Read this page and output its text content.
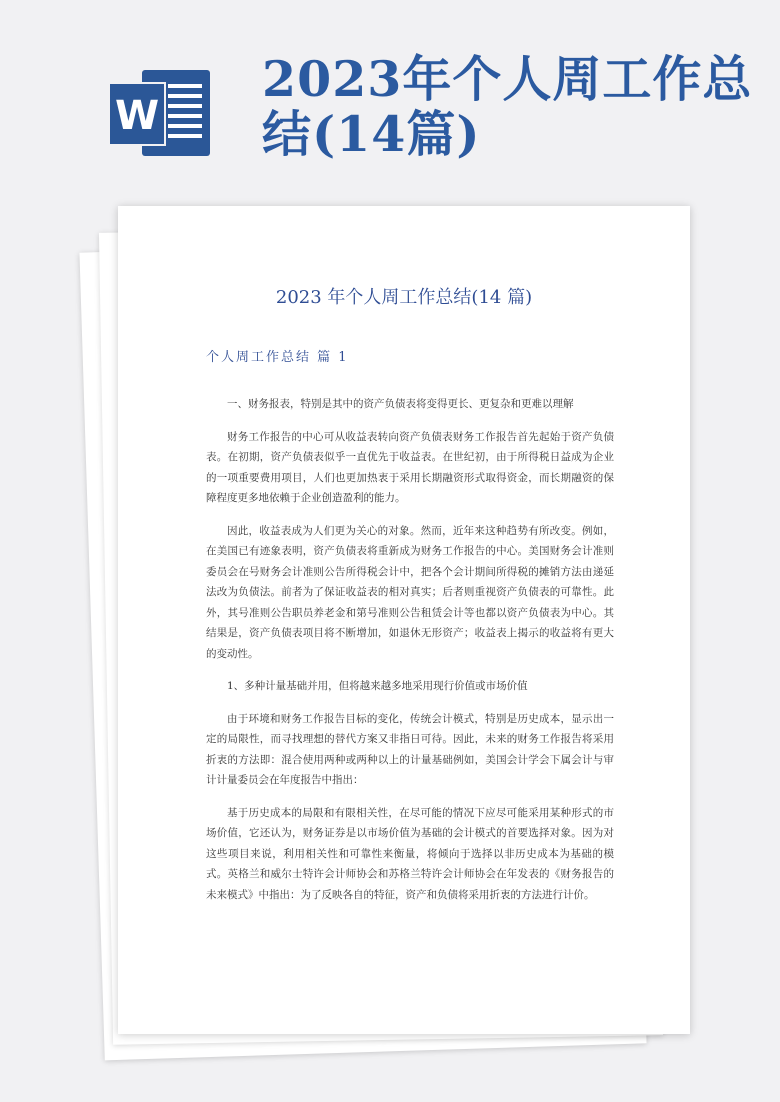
W
2023年个人周工作总结(14篇)
2023 年个人周工作总结(14 篇)
个人周工作总结 篇 1

一、财务报表，特别是其中的资产负债表将变得更长、更复杂和更难以理解

财务工作报告的中心可从收益表转向资产负债表财务工作报告首先起始于资产负债表。在初期，资产负债表似乎一直优先于收益表。在世纪初，由于所得税日益成为企业的一项重要费用项目，人们也更加热衷于采用长期融资形式取得资金，而长期融资的保障程度更多地依赖于企业创造盈利的能力。

因此，收益表成为人们更为关心的对象。然而，近年来这种趋势有所改变。例如，在美国已有迹象表明，资产负债表将重新成为财务工作报告的中心。美国财务会计准则委员会在号财务会计准则公告所得税会计中，把各个会计期间所得税的摊销方法由递延法改为负债法。前者为了保证收益表的相对真实；后者则重视资产负债表的可靠性。此外，其号准则公告职员养老金和第号准则公告租赁会计等也都以资产负债表为中心。其结果是，资产负债表项目将不断增加，如退休无形资产；收益表上揭示的收益将有更大的变动性。

1、多种计量基础并用，但将越来越多地采用现行价值或市场价值

由于环境和财务工作报告目标的变化，传统会计模式，特别是历史成本，显示出一定的局限性，而寻找理想的替代方案又非指日可待。因此，未来的财务工作报告将采用折衷的方法即：混合使用两种或两种以上的计量基础例如，美国会计学会下属会计与审计计量委员会在年度报告中指出：

基于历史成本的局限和有限相关性，在尽可能的情况下应尽可能采用某种形式的市场价值，它还认为，财务证券是以市场价值为基础的会计模式的首要选择对象。因为对这些项目来说，利用相关性和可靠性来衡量，将倾向于选择以非历史成本为基础的模式。英格兰和威尔士特许会计师协会和苏格兰特许会计师协会在年发表的《财务报告的未来模式》中指出：为了反映各自的特征，资产和负债将采用折衷的方法进行计价。
